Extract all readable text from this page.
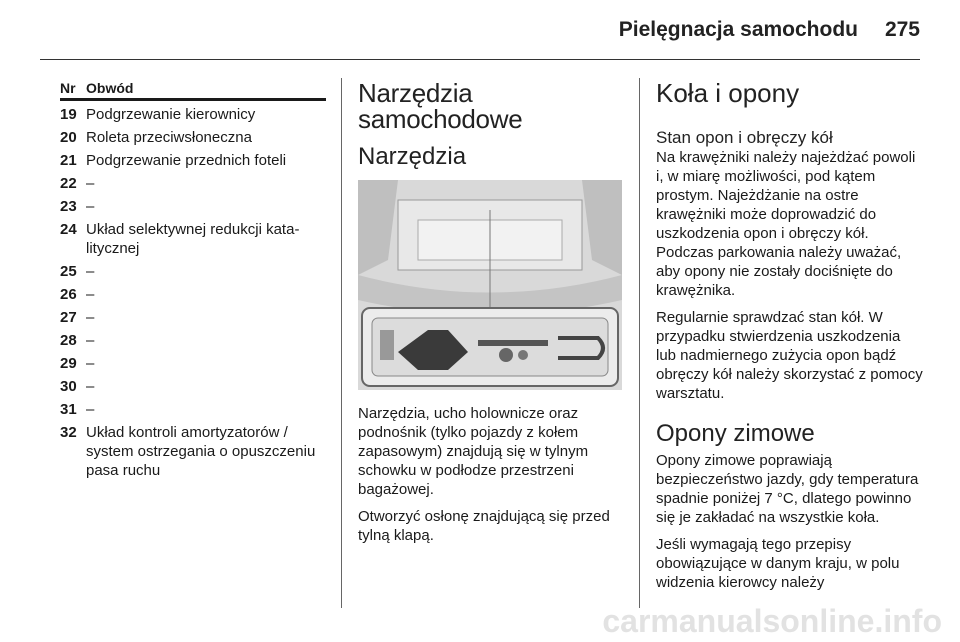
Pielęgnacja samochodu 275
Nr Obwód
19 Podgrzewanie kierownicy
20 Roleta przeciwsłoneczna
21 Podgrzewanie przednich foteli
22 –
23 –
24 Układ selektywnej redukcji katalitycznej
25 –
26 –
27 –
28 –
29 –
30 –
31 –
32 Układ kontroli amortyzatorów / system ostrzegania o opuszczeniu pasa ruchu
Narzędzia samochodowe
Narzędzia

Narzędzia, ucho holownicze oraz podnośnik (tylko pojazdy z kołem zapasowym) znajdują się w tylnym schowku w podłodze przestrzeni bagażowej.

Otworzyć osłonę znajdującą się przed tylną klapą.

Koła i opony
Stan opon i obręczy kół

Na krawężniki należy najeżdżać powoli i, w miarę możliwości, pod kątem prostym. Najeżdżanie na ostre krawężniki może doprowadzić do uszkodzenia opon i obręczy kół. Podczas parkowania należy uważać, aby opony nie zostały dociśnięte do krawężnika.

Regularnie sprawdzać stan kół. W przypadku stwierdzenia uszkodzenia lub nadmiernego zużycia opon bądź obręczy kół należy skorzystać z pomocy warsztatu.

Opony zimowe

Opony zimowe poprawiają bezpieczeństwo jazdy, gdy temperatura spadnie poniżej 7 °C, dlatego powinno się je zakładać na wszystkie koła.

Jeśli wymagają tego przepisy obowiązujące w danym kraju, w polu widzenia kierowcy należy

carmanualsonline.info
